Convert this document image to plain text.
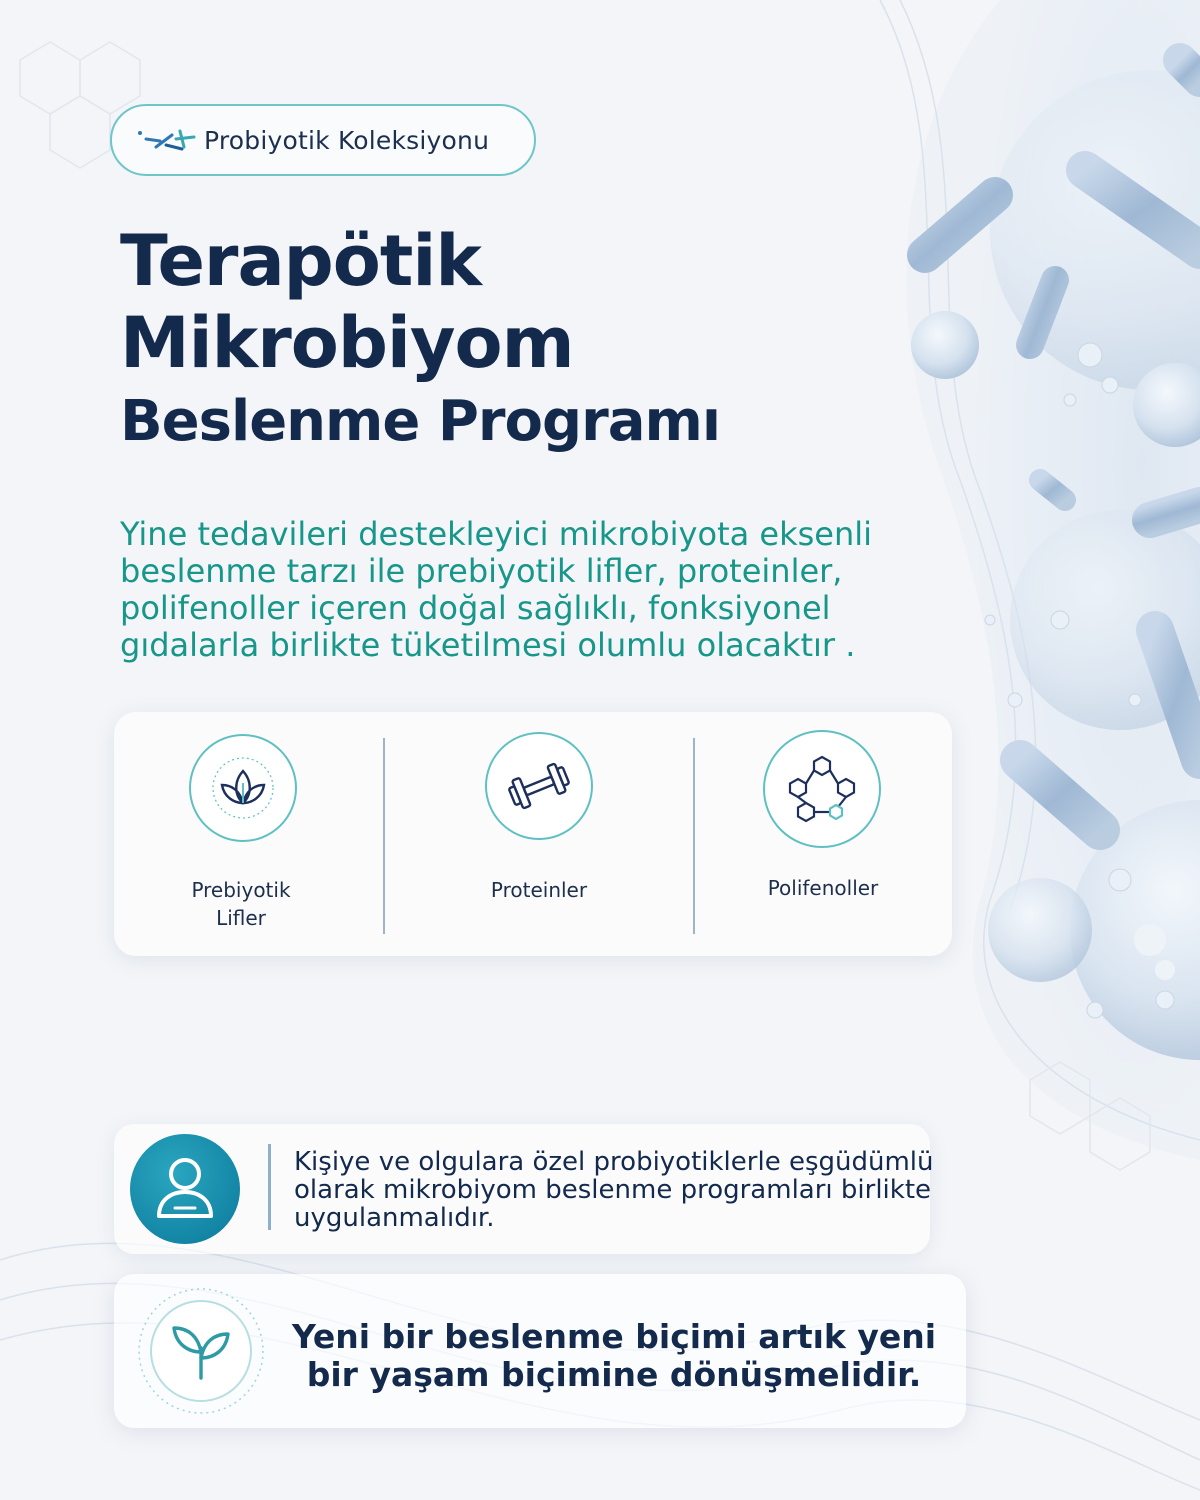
Probiyotik Koleksiyonu

Terapötik

Mikrobiyom

Beslenme Programı

Yine tedavileri destekleyici mikrobiyota eksenli beslenme tarzı ile prebiyotik lifler, proteinler, polifenoller içeren doğal sağlıklı, fonksiyonel gıdalarla birlikte tüketilmesi olumlu olacaktır .
Prebiyotik Lifler
Proteinler	Polifenoller
Kişiye ve olgulara özel probiyotiklerle eşgüdümlü olarak mikrobiyom beslenme programları birlikte uygulanmalıdır.
Yeni bir beslenme biçimi artık yeni bir yaşam biçimine dönüşmelidir.
